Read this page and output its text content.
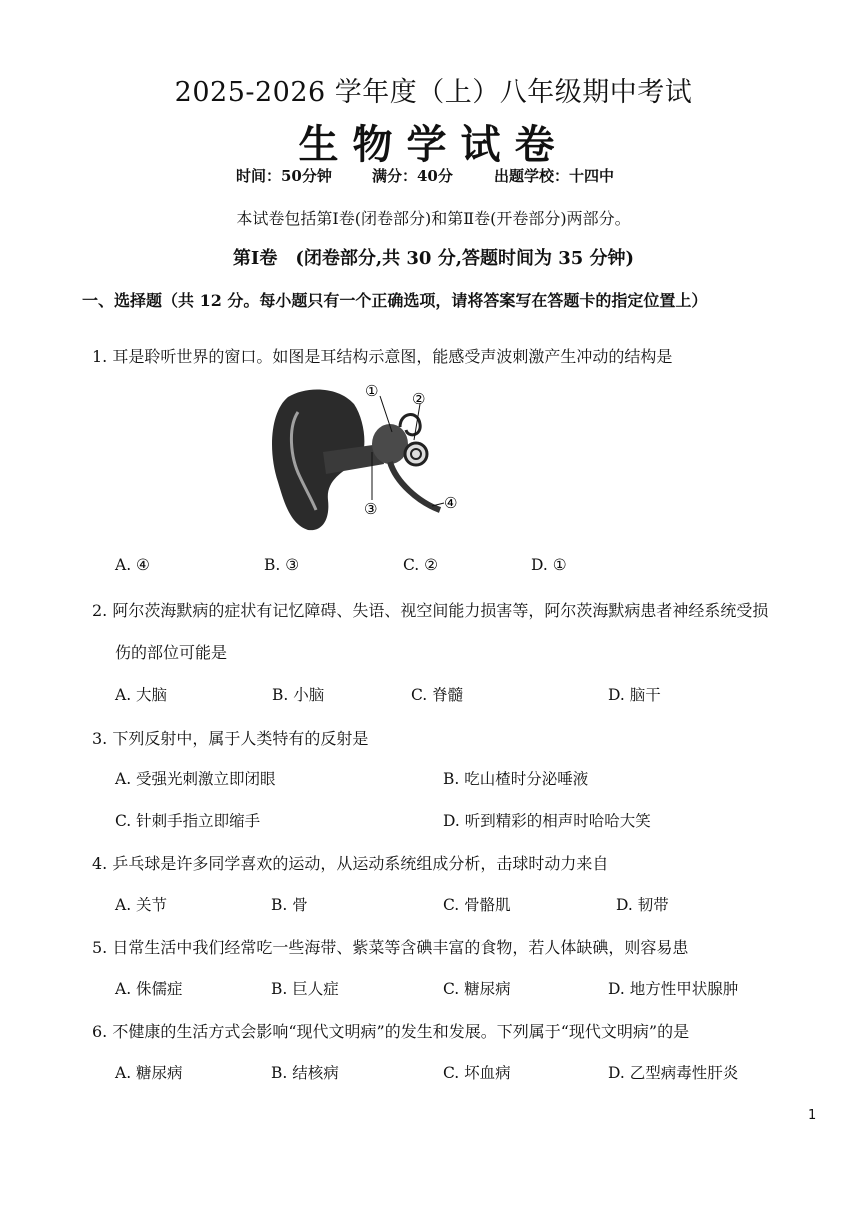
2025-2026 学年度（上）八年级期中考试
生物学试卷
时间：50分钟	满分：40分	出题学校：十四中
本试卷包括第Ⅰ卷(闭卷部分)和第Ⅱ卷(开卷部分)两部分。
第Ⅰ卷　(闭卷部分,共 30 分,答题时间为 35 分钟)
一、选择题（共 12 分。每小题只有一个正确选项，请将答案写在答题卡的指定位置上）
1. 耳是聆听世界的窗口。如图是耳结构示意图，能感受声波刺激产生冲动的结构是
① ②
③	④
A. ④	B. ③	C. ②	D. ①
2. 阿尔茨海默病的症状有记忆障碍、失语、视空间能力损害等，阿尔茨海默病患者神经系统受损
伤的部位可能是
A. 大脑	B. 小脑	C. 脊髓	D. 脑干
3. 下列反射中，属于人类特有的反射是
A. 受强光刺激立即闭眼	B. 吃山楂时分泌唾液
C. 针刺手指立即缩手	D. 听到精彩的相声时哈哈大笑
4. 乒乓球是许多同学喜欢的运动，从运动系统组成分析，击球时动力来自
A. 关节	B. 骨	C. 骨骼肌	D. 韧带
5. 日常生活中我们经常吃一些海带、紫菜等含碘丰富的食物，若人体缺碘，则容易患
A. 侏儒症	B. 巨人症	C. 糖尿病	D. 地方性甲状腺肿
6. 不健康的生活方式会影响“现代文明病”的发生和发展。下列属于“现代文明病”的是
A. 糖尿病	B. 结核病	C. 坏血病	D. 乙型病毒性肝炎
1
